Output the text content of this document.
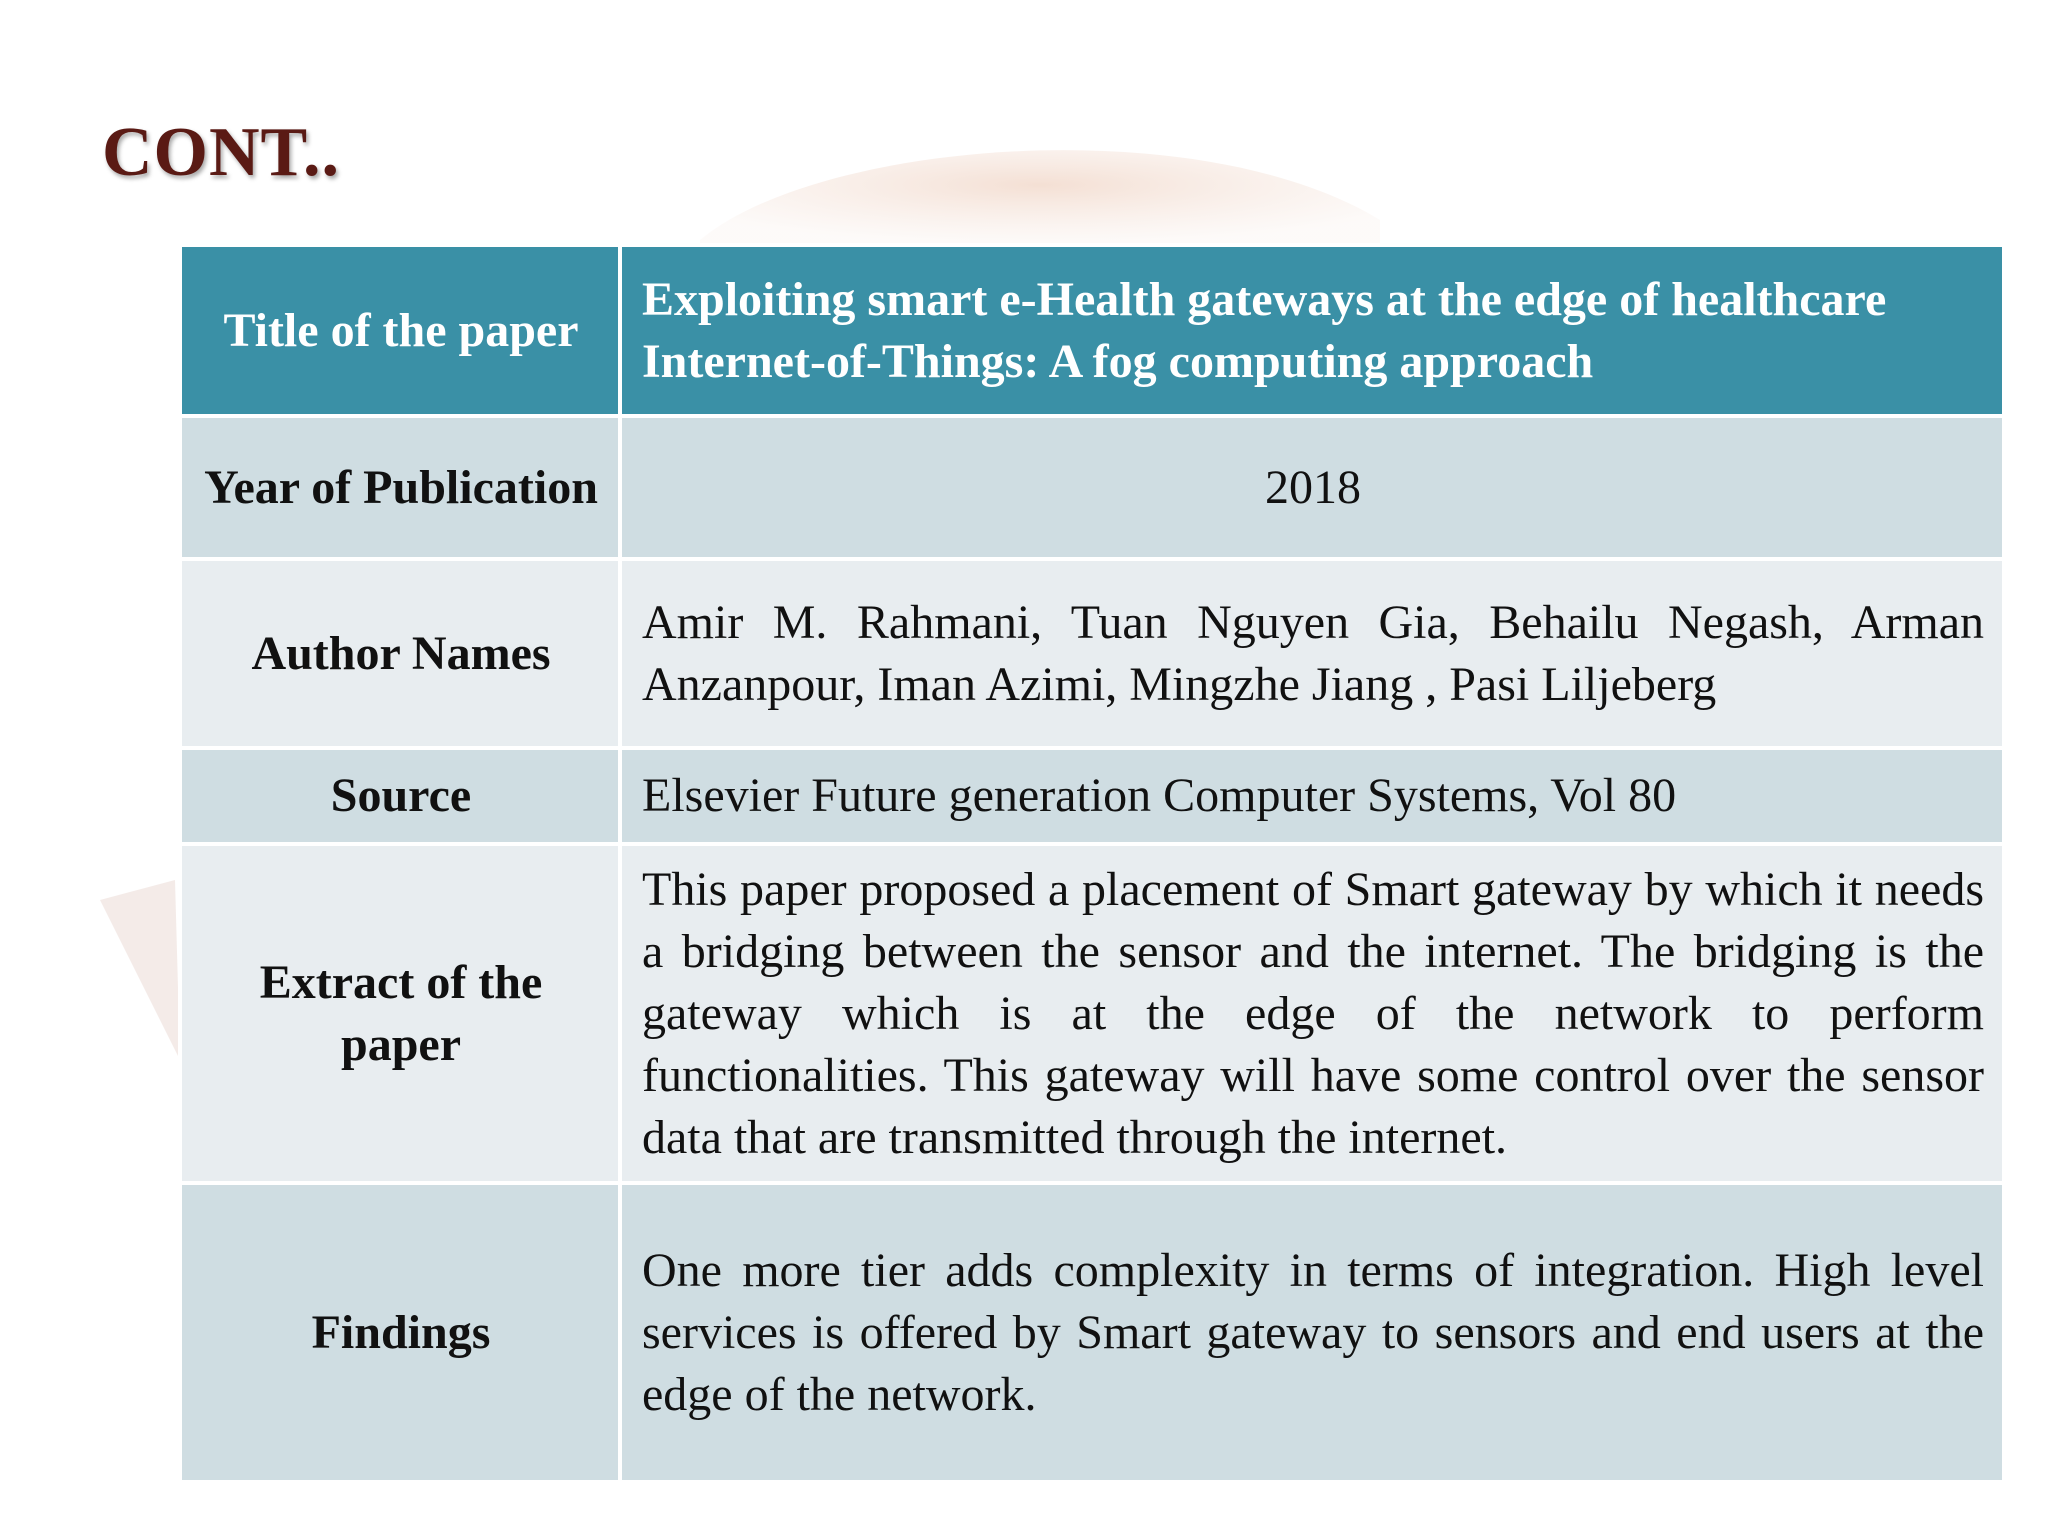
CONT..
Title of the paper	Exploiting smart e-Health gateways at the edge of healthcare Internet-of-Things: A fog computing approach
Year of Publication	2018
Author Names	Amir M. Rahmani, Tuan Nguyen Gia, Behailu Negash, Arman Anzanpour, Iman Azimi, Mingzhe Jiang , Pasi Liljeberg
Source	Elsevier Future generation Computer Systems, Vol 80
Extract of the paper	This paper proposed a placement of Smart gateway by which it needs a bridging between the sensor and the internet. The bridging is the gateway which is at the edge of the network to perform functionalities. This gateway will have some control over the sensor data that are transmitted through the internet.
Findings	One more tier adds complexity in terms of integration. High level services is offered by Smart gateway to sensors and end users at the edge of the network.
